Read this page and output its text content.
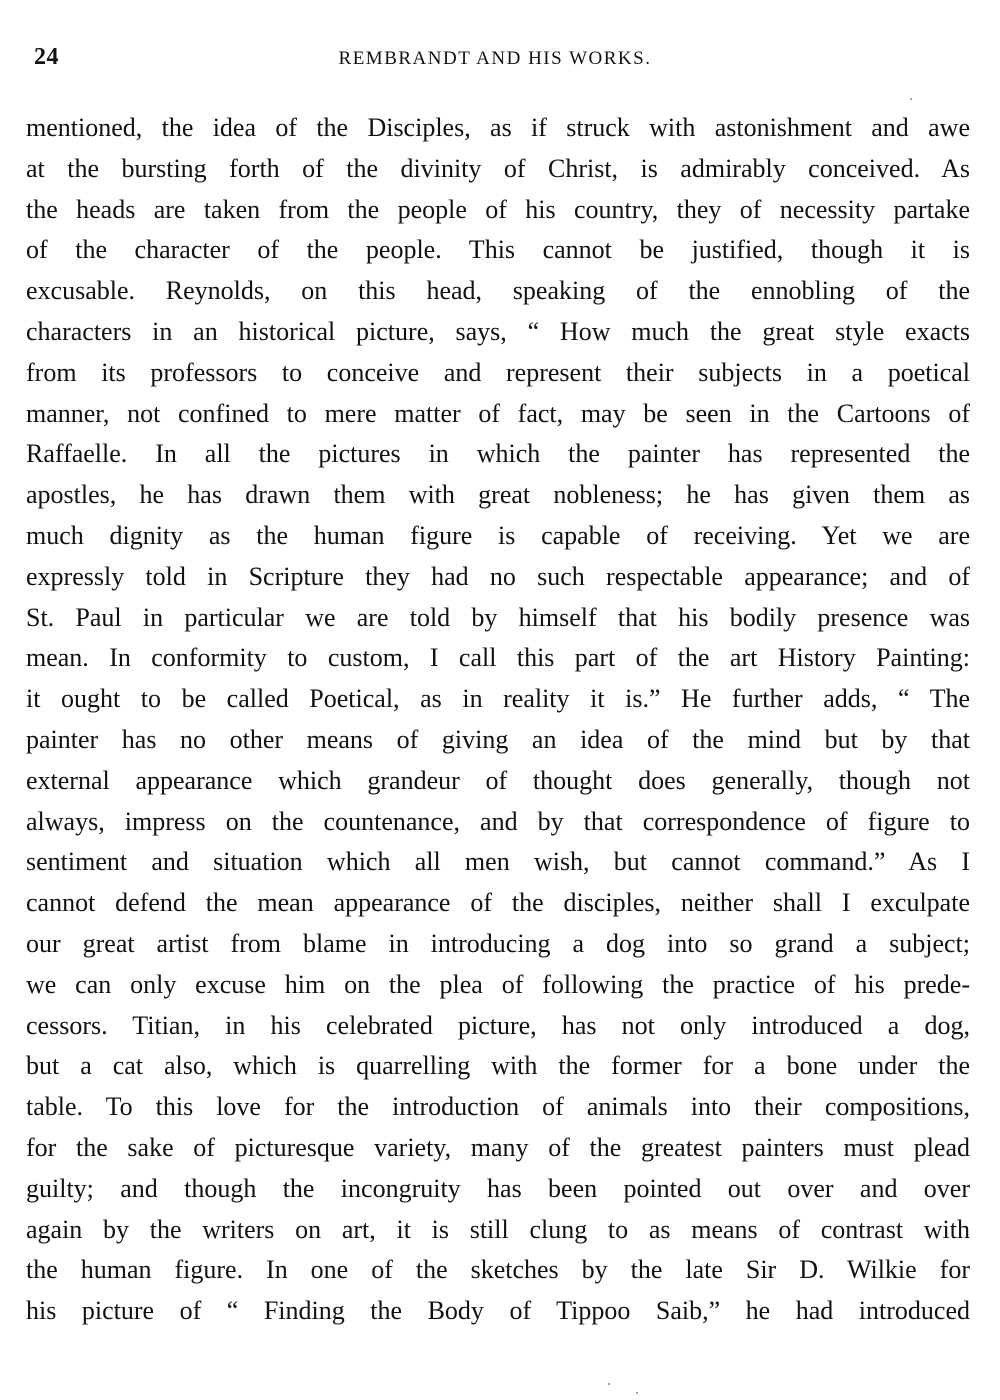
24	REMBRANDT AND HIS WORKS.
mentioned, the idea of the Disciples, as if struck with astonishment and awe
at the bursting forth of the divinity of Christ, is admirably conceived. As
the heads are taken from the people of his country, they of necessity partake
of the character of the people. This cannot be justified, though it is
excusable. Reynolds, on this head, speaking of the ennobling of the
characters in an historical picture, says, “ How much the great style exacts
from its professors to conceive and represent their subjects in a poetical
manner, not confined to mere matter of fact, may be seen in the Cartoons of
Raffaelle. In all the pictures in which the painter has represented the
apostles, he has drawn them with great nobleness; he has given them as
much dignity as the human figure is capable of receiving. Yet we are
expressly told in Scripture they had no such respectable appearance; and of
St. Paul in particular we are told by himself that his bodily presence was
mean. In conformity to custom, I call this part of the art History Painting:
it ought to be called Poetical, as in reality it is.” He further adds, “ The
painter has no other means of giving an idea of the mind but by that
external appearance which grandeur of thought does generally, though not
always, impress on the countenance, and by that correspondence of figure to
sentiment and situation which all men wish, but cannot command.” As I
cannot defend the mean appearance of the disciples, neither shall I exculpate
our great artist from blame in introducing a dog into so grand a subject;
we can only excuse him on the plea of following the practice of his prede-
cessors. Titian, in his celebrated picture, has not only introduced a dog,
but a cat also, which is quarrelling with the former for a bone under the
table. To this love for the introduction of animals into their compositions,
for the sake of picturesque variety, many of the greatest painters must plead
guilty; and though the incongruity has been pointed out over and over
again by the writers on art, it is still clung to as means of contrast with
the human figure. In one of the sketches by the late Sir D. Wilkie for
his picture of “ Finding the Body of Tippoo Saib,” he had introduced
